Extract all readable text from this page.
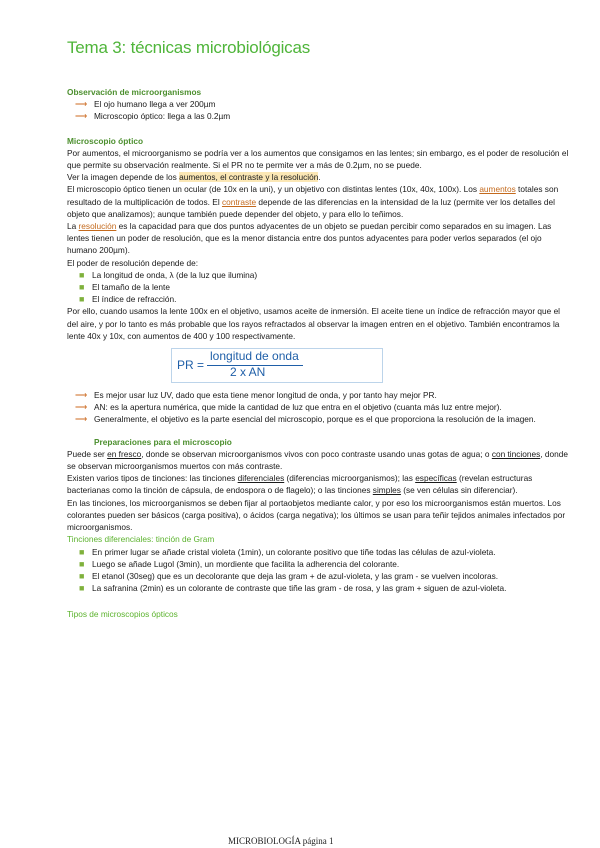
Tema 3: técnicas microbiológicas
Observación de microorganismos
⟶ El ojo humano llega a ver 200µm
⟶ Microscopio óptico: llega a las 0.2µm
Microscopio óptico

Por aumentos, el microorganismo se podría ver a los aumentos que consigamos en las lentes; sin embargo, es el poder de resolución el que permite su observación realmente. Si el PR no te permite ver a más de 0.2µm, no se puede.

Ver la imagen depende de los aumentos, el contraste y la resolución.

El microscopio óptico tienen un ocular (de 10x en la uni), y un objetivo con distintas lentes (10x, 40x, 100x). Los aumentos totales son resultado de la multiplicación de todos. El contraste depende de las diferencias en la intensidad de la luz (permite ver los detalles del objeto que analizamos); aunque también puede depender del objeto, y para ello lo teñimos.

La resolución es la capacidad para que dos puntos adyacentes de un objeto se puedan percibir como separados en su imagen. Las lentes tienen un poder de resolución, que es la menor distancia entre dos puntos adyacentes para poder verlos separados (el ojo humano 200µm).

El poder de resolución depende de:

■ La longitud de onda, λ (de la luz que ilumina)
■ El tamaño de la lente
■ El índice de refracción.

Por ello, cuando usamos la lente 100x en el objetivo, usamos aceite de inmersión. El aceite tiene un índice de refracción mayor que el del aire, y por lo tanto es más probable que los rayos refractados al observar la imagen entren en el objetivo. También encontramos la lente 40x y 10x, con aumentos de 400 y 100 respectivamente.

PR =
longitud de onda
2 x AN
⟶ Es mejor usar luz UV, dado que esta tiene menor longitud de onda, y por tanto hay mejor PR.
⟶ AN: es la apertura numérica, que mide la cantidad de luz que entra en el objetivo (cuanta más luz entre mejor).
⟶ Generalmente, el objetivo es la parte esencial del microscopio, porque es el que proporciona la resolución de la imagen.
Preparaciones para el microscopio

Puede ser en fresco, donde se observan microorganismos vivos con poco contraste usando unas gotas de agua; o con tinciones, donde se observan microorganismos muertos con más contraste.

Existen varios tipos de tinciones: las tinciones diferenciales (diferencias microorganismos); las específicas (revelan estructuras bacterianas como la tinción de cápsula, de endospora o de flagelo); o las tinciones simples (se ven células sin diferenciar).

En las tinciones, los microorganismos se deben fijar al portaobjetos mediante calor, y por eso los microorganismos están muertos. Los colorantes pueden ser básicos (carga positiva), o ácidos (carga negativa); los últimos se usan para teñir tejidos animales infectados por microorganismos.

Tinciones diferenciales: tinción de Gram
■ En primer lugar se añade cristal violeta (1min), un colorante positivo que tiñe todas las células de azul-violeta.
■ Luego se añade Lugol (3min), un mordiente que facilita la adherencia del colorante.
■ El etanol (30seg) que es un decolorante que deja las gram + de azul-violeta, y las gram - se vuelven incoloras.
■ La safranina (2min) es un colorante de contraste que tiñe las gram - de rosa, y las gram + siguen de azul-violeta.
Tipos de microscopios ópticos
MICROBIOLOGÍA página 1
